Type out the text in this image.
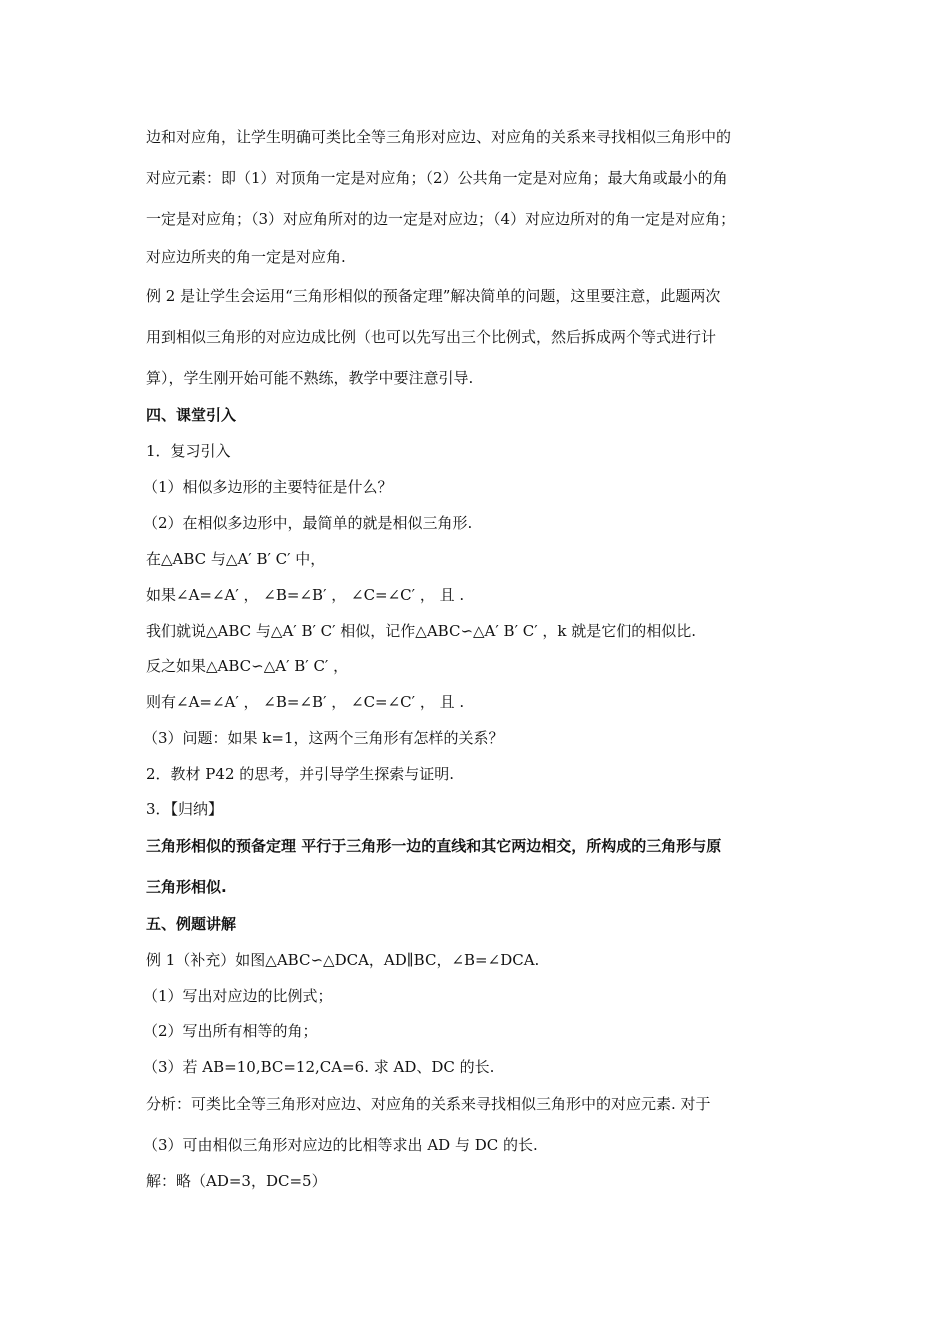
边和对应角，让学生明确可类比全等三角形对应边、对应角的关系来寻找相似三角形中的
对应元素：即（1）对顶角一定是对应角；（2）公共角一定是对应角；最大角或最小的角
一定是对应角；（3）对应角所对的边一定是对应边；（4）对应边所对的角一定是对应角；
对应边所夹的角一定是对应角.
例 2 是让学生会运用“三角形相似的预备定理”解决简单的问题，这里要注意，此题两次
用到相似三角形的对应边成比例（也可以先写出三个比例式，然后拆成两个等式进行计
算），学生刚开始可能不熟练，教学中要注意引导.
四、课堂引入
1．复习引入
（1）相似多边形的主要特征是什么？
（2）在相似多边形中，最简单的就是相似三角形.
在△ABC 与△A′ B′ C′ 中，
如果∠A=∠A′ ， ∠B=∠B′ ， ∠C=∠C′ ， 且 .
我们就说△ABC 与△A′ B′ C′ 相似，记作△ABC∽△A′ B′ C′ ，k 就是它们的相似比.
反之如果△ABC∽△A′ B′ C′ ，
则有∠A=∠A′ ， ∠B=∠B′ ， ∠C=∠C′ ， 且 .
（3）问题：如果 k=1，这两个三角形有怎样的关系？
2．教材 P42 的思考，并引导学生探索与证明.
3．【归纳】
三角形相似的预备定理 平行于三角形一边的直线和其它两边相交，所构成的三角形与原
三角形相似.
五、例题讲解
例 1（补充）如图△ABC∽△DCA，AD∥BC，∠B=∠DCA.
（1）写出对应边的比例式；
（2）写出所有相等的角；
（3）若 AB=10,BC=12,CA=6. 求 AD、DC 的长.
分析：可类比全等三角形对应边、对应角的关系来寻找相似三角形中的对应元素. 对于
（3）可由相似三角形对应边的比相等求出 AD 与 DC 的长.
解：略（AD=3，DC=5）
